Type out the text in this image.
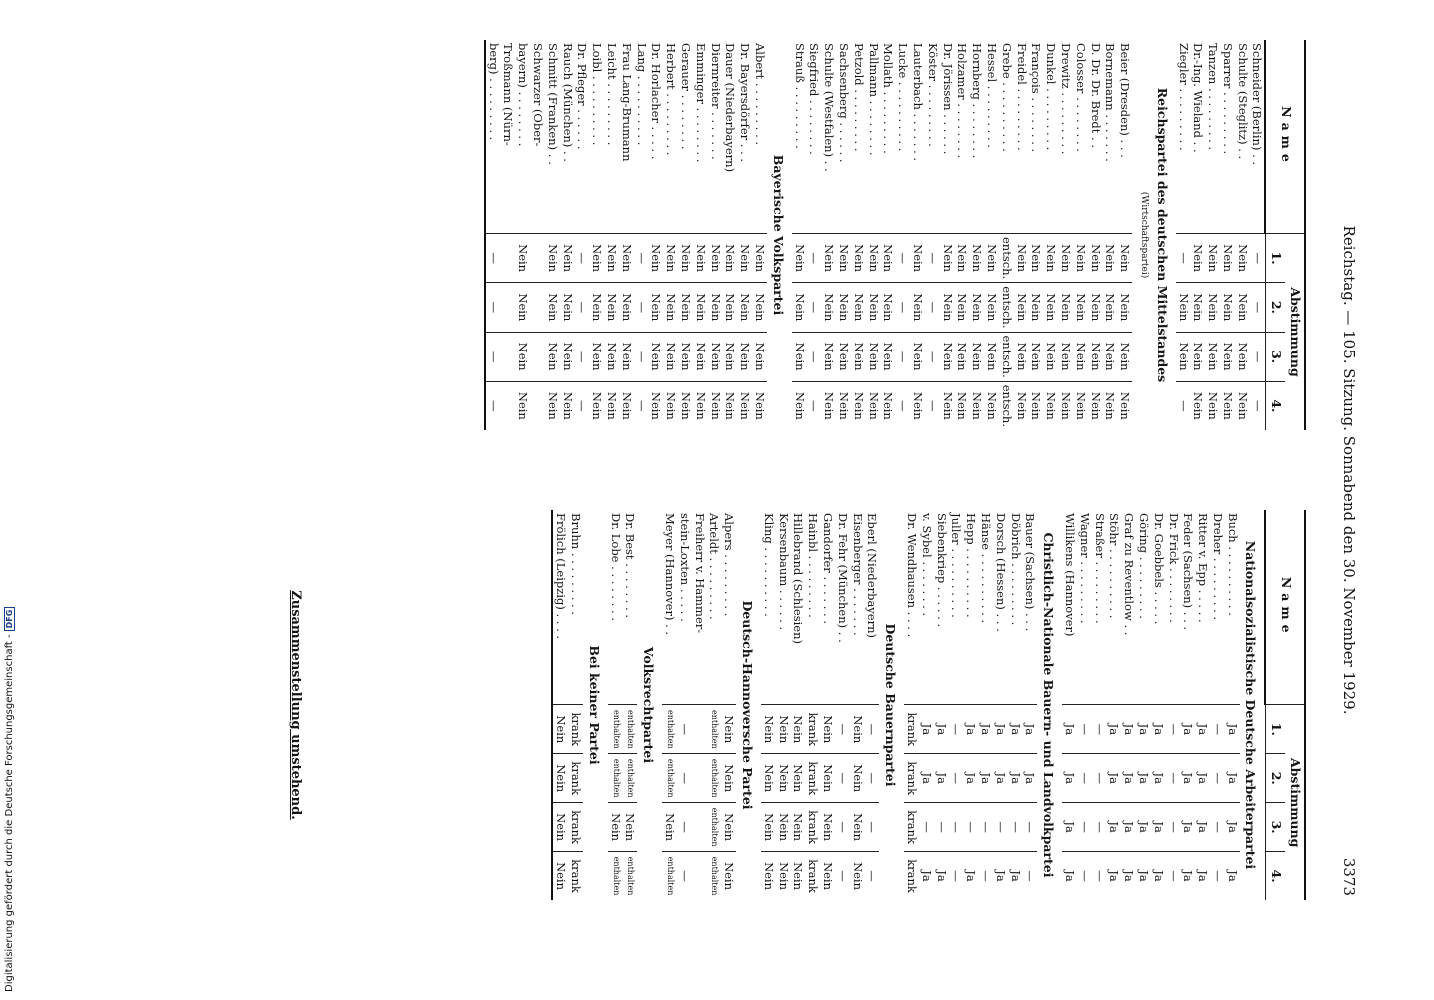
Reichstag. — 105. Sitzung. Sonnabend den 30. November 1929.
3373
Name	Abstimmung			
	1.	2.	3.	4.
Schneider (Berlin) . .	—	—	—	—
Schulte (Steglitz) . .	Nein	Nein	Nein	Nein
Sparrer . . . . . . . . .	Nein	Nein	Nein	Nein
Tanzen . . . . . . . . .	Nein	Nein	Nein	Nein
Dr.-Ing. Wieland . .	Nein	Nein	Nein	Nein
Ziegler . . . . . . . . .	—	Nein	Nein	—
Reichspartei des deutschen Mittelstandes				
(Wirtschaftspartei)				
Beier (Dresden) . . .	Nein	Nein	Nein	Nein
Bornemann . . . . . . .	Nein	Nein	Nein	Nein
D. Dr. Dr. Bredt . .	Nein	Nein	Nein	Nein
Colosser . . . . . . . .	Nein	Nein	Nein	Nein
Drewitz . . . . . . . . .	Nein	Nein	Nein	Nein
Dunkel . . . . . . . . .	Nein	Nein	Nein	Nein
François . . . . . . . .	Nein	Nein	Nein	Nein
Freidel . . . . . . . . .	Nein	Nein	Nein	Nein
Grebe . . . . . . . . . .	entsch.	entsch.	entsch.	entsch.
Hessel . . . . . . . . .	Nein	Nein	Nein	Nein
Hornberg . . . . . . . .	Nein	Nein	Nein	Nein
Holzamer . . . . . . . .	Nein	Nein	Nein	Nein
Dr. Jörissen . . . . . .	Nein	Nein	Nein	Nein
Köster . . . . . . . . .	—	—	—	—
Lauterbach . . . . . . .	Nein	Nein	Nein	Nein
Lucke . . . . . . . . . .	—	—	—	—
Mollath . . . . . . . . .	Nein	Nein	Nein	Nein
Pallmann . . . . . . . .	Nein	Nein	Nein	Nein
Petzold . . . . . . . . .	Nein	Nein	Nein	Nein
Sachsenberg . . . . . .	Nein	Nein	Nein	Nein
Schulte (Westfalen) . .	Nein	Nein	Nein	Nein
Siegfried . . . . . . . .	—	—	—	—
Strauß . . . . . . . . .	Nein	Nein	Nein	Nein
Bayerische Volkspartei				
Albert . . . . . . . . .	Nein	Nein	Nein	Nein
Dr. Bayersdörfer . . .	Nein	Nein	Nein	Nein
Dauer (Niederbayern)	Nein	Nein	Nein	Nein
Diernreiter . . . . . . .	Nein	Nein	Nein	Nein
Emminger . . . . . . . .	Nein	Nein	Nein	Nein
Gerauer . . . . . . . .	Nein	Nein	Nein	Nein
Herbert . . . . . . . . .	Nein	Nein	Nein	Nein
Dr. Horlacher . . . . .	Nein	Nein	Nein	Nein
Lang . . . . . . . . . .	—	—	—	—
Frau Lang-Brumann	Nein	Nein	Nein	Nein
Leicht . . . . . . . . .	Nein	Nein	Nein	Nein
Loibl . . . . . . . . . .	Nein	Nein	Nein	Nein
Dr. Pfleger . . . . . .	—	—	—	—
Rauch (München) . .	Nein	Nein	Nein	Nein
Schmitt (Franken) . .	Nein	Nein	Nein	Nein
Schwarzer (Ober-				
bayern) . . . . . . . .	Nein	Nein	Nein	Nein
Troßmann (Nürn-				
berg) . . . . . . . . .	—	—	—	—
Name	Abstimmung			
	1.	2.	3.	4.
Nationalsozialistische Deutsche Arbeiterpartei				
Buch . . . . . . . . . .	Ja	Ja	Ja	Ja
Dreher . . . . . . . . .	—	—	—	—
Ritter v. Epp . . . . .	Ja	Ja	Ja	Ja
Feder (Sachsen) . . .	Ja	Ja	Ja	Ja
Dr. Frick . . . . . . . .	—	—	—	—
Dr. Goebbels . . . . .	Ja	Ja	Ja	Ja
Göring . . . . . . . . .	Ja	Ja	Ja	Ja
Graf zu Reventlow . .	Ja	Ja	Ja	Ja
Stöhr . . . . . . . . . .	Ja	Ja	Ja	Ja
Straßer . . . . . . . . .	—	—	—	—
Wagner . . . . . . . . .	—	—	—	—
Willikens (Hannover)	Ja	Ja	Ja	Ja
Christlich-Nationale Bauern- und Landvolkpartei				
Bauer (Sachsen) . . .	Ja	Ja	—	—
Döbrich . . . . . . . . .	Ja	Ja	—	Ja
Dorsch (Hessen) . . .	Ja	Ja	—	Ja
Hänse . . . . . . . . . .	Ja	Ja	—	—
Hepp . . . . . . . . . .	Ja	Ja	—	Ja
Juller . . . . . . . . . .	—	—	—	—
Siebenkriep . . . . . .	Ja	Ja	—	Ja
v. Sybel . . . . . . . .	Ja	Ja	—	Ja
Dr. Wendhausen . . . .	krank	krank	krank	krank
Deutsche Bauernpartei				
Eberl (Niederbayern)	—	—	—	—
Eisenberger . . . . . . .	Nein	Nein	Nein	Nein
Dr. Fehr (München) . .	—	—	—	—
Gandorfer . . . . . . .	Nein	Nein	Nein	Nein
Hainbl . . . . . . . . .	krank	krank	krank	krank
Hillebrand (Schlesien)	Nein	Nein	Nein	Nein
Kersenbaum . . . . . .	Nein	Nein	Nein	Nein
Kling . . . . . . . . . .	Nein	Nein	Nein	Nein
Deutsch-Hannoversche Partei				
Alpers . . . . . . . . .	Nein	Nein	Nein	Nein
Arteldt . . . . . . . . .	enthalten	enthalten	enthalten	enthalten
Freiherr v. Hammer-				
stein-Loxten . . . . .	—	—	—	—
Meyer (Hannover) . .	enthalten	enthalten	Nein	enthalten
Volksrechtpartei				
Dr. Best . . . . . . . .	enthalten	enthalten	Nein	enthalten
Dr. Lobe . . . . . . . .	enthalten	enthalten	Nein	enthalten
Bei keiner Partei				
Bruhn . . . . . . . . .	krank	krank	krank	krank
Frölich (Leipzig) . . . .	Nein	Nein	Nein	Nein
Zusammenstellung umstehend.
Digitalisierung gefördert durch die Deutsche Forschungsgemeinschaft -DFG
